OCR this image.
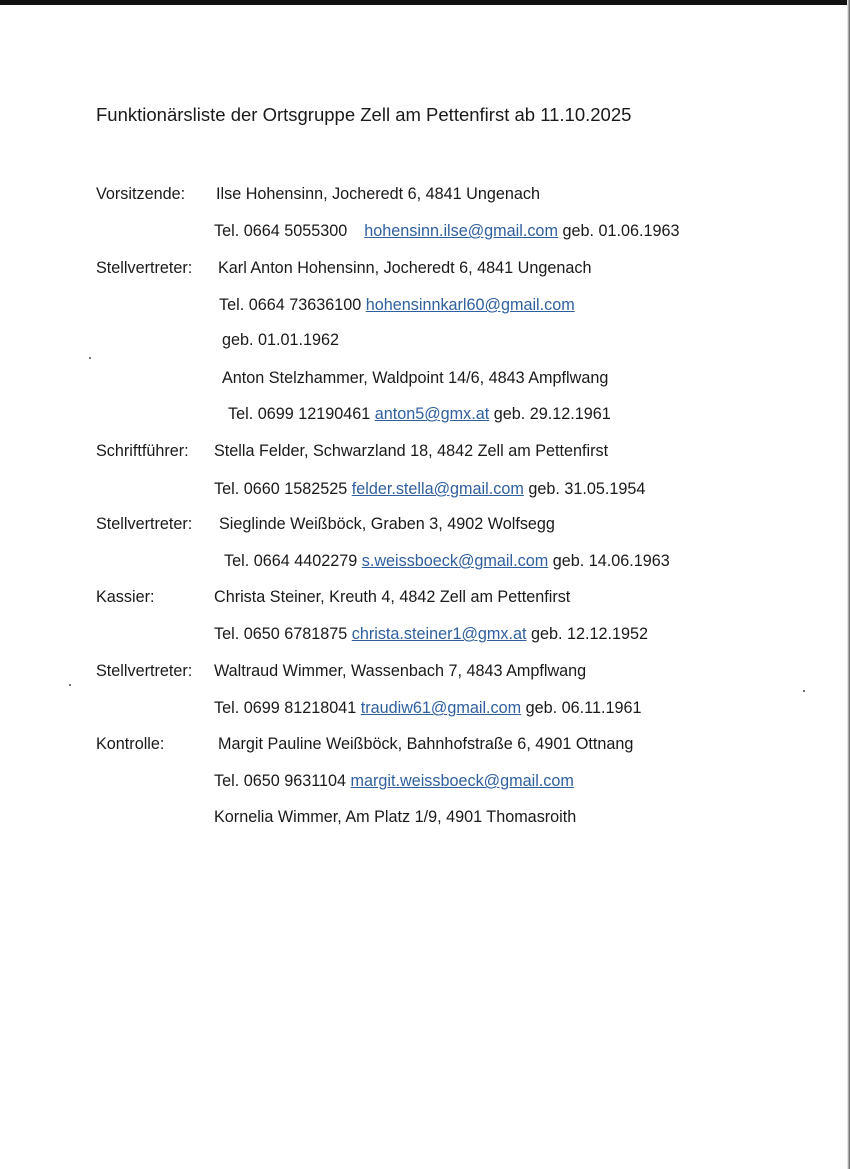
Funktionärsliste der Ortsgruppe Zell am Pettenfirst ab 11.10.2025
Vorsitzende: Ilse Hohensinn, Jocheredt 6, 4841 Ungenach
Tel. 0664 5055300 hohensinn.ilse@gmail.com geb. 01.06.1963
Stellvertreter: Karl Anton Hohensinn, Jocheredt 6, 4841 Ungenach
Tel. 0664 73636100 hohensinnkarl60@gmail.com
geb. 01.01.1962
Anton Stelzhammer, Waldpoint 14/6, 4843 Ampflwang
Tel. 0699 12190461 anton5@gmx.at geb. 29.12.1961
Schriftführer: Stella Felder, Schwarzland 18, 4842 Zell am Pettenfirst
Tel. 0660 1582525 felder.stella@gmail.com geb. 31.05.1954
Stellvertreter: Sieglinde Weißböck, Graben 3, 4902 Wolfsegg
Tel. 0664 4402279 s.weissboeck@gmail.com geb. 14.06.1963
Kassier:	Christa Steiner, Kreuth 4, 4842 Zell am Pettenfirst
Tel. 0650 6781875 christa.steiner1@gmx.at geb. 12.12.1952
Stellvertreter: Waltraud Wimmer, Wassenbach 7, 4843 Ampflwang
Tel. 0699 81218041 traudiw61@gmail.com geb. 06.11.1961
Kontrolle:	Margit Pauline Weißböck, Bahnhofstraße 6, 4901 Ottnang
Tel. 0650 9631104 margit.weissboeck@gmail.com
Kornelia Wimmer, Am Platz 1/9, 4901 Thomasroith
